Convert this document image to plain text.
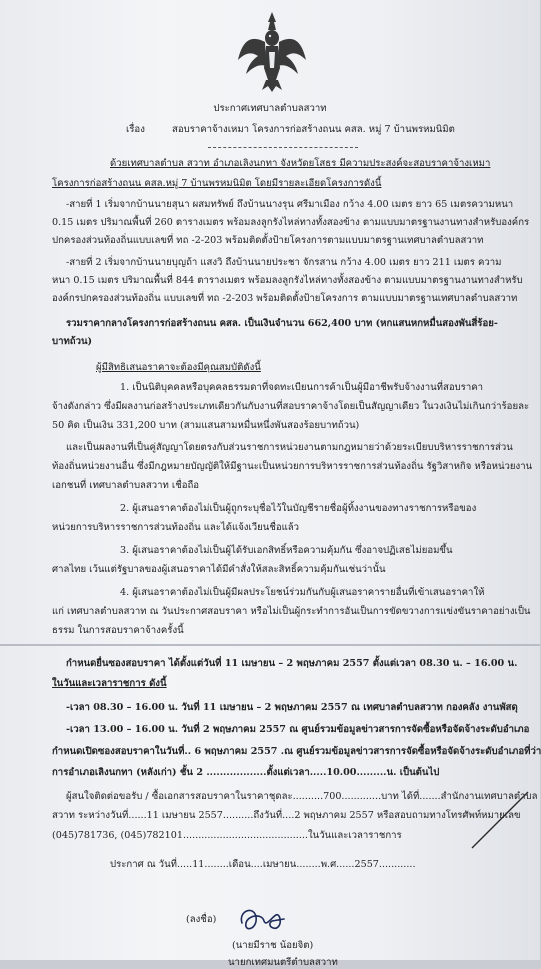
ประกาศเทศบาลตำบลสวาท
เรื่อง	สอบราคาจ้างเหมา โครงการก่อสร้างถนน คสล. หมู่ 7 บ้านพรหมนิมิต
ด้วยเทศบาลตำบล สวาท อำเภอเลิงนกทา จังหวัดยโสธร มีความประสงค์จะสอบราคาจ้างเหมา
โครงการก่อสร้างถนน คสล.หมู่ 7 บ้านพรหมนิมิต โดยมีรายละเอียดโครงการดังนี้
-สายที่ 1 เริ่มจากบ้านนายสุนา ผสมทรัพย์ ถึงบ้านนางรุน ศรีมาเมือง กว้าง 4.00 เมตร ยาว 65 เมตรความหนา
0.15 เมตร ปริมาณพื้นที่ 260 ตารางเมตร พร้อมลงลูกรังไหล่ทางทั้งสองข้าง ตามแบบมาตรฐานงานทางสำหรับองค์กร
ปกครองส่วนท้องถิ่นแบบเลขที่ ทถ -2-203 พร้อมติดตั้งป้ายโครงการตามแบบมาตรฐานเทศบาลตำบลสวาท
-สายที่ 2 เริ่มจากบ้านนายบุญถ้า แสงวิ ถึงบ้านนายประชา จักรสาน กว้าง 4.00 เมตร ยาว 211 เมตร ความ
หนา 0.15 เมตร ปริมาณพื้นที่ 844 ตารางเมตร พร้อมลงลูกรังไหล่ทางทั้งสองข้าง ตามแบบมาตรฐานงานทางสำหรับ
องค์กรปกครองส่วนท้องถิ่น แบบเลขที่ ทถ -2-203 พร้อมติดตั้งป้ายโครงการ ตามแบบมาตรฐานเทศบาลตำบลสวาท
รวมราคากลางโครงการก่อสร้างถนน คสล. เป็นเงินจำนวน 662,400 บาท (หกแสนหกหมื่นสองพันสี่ร้อย-
บาทถ้วน)
ผู้มีสิทธิเสนอราคาจะต้องมีคุณสมบัติดังนี้
1. เป็นนิติบุคคลหรือบุคคลธรรมดาที่จดทะเบียนการค้าเป็นผู้มีอาชีพรับจ้างงานที่สอบราคา
จ้างดังกล่าว ซึ่งมีผลงานก่อสร้างประเภทเดียวกันกับงานที่สอบราคาจ้างโดยเป็นสัญญาเดียว ในวงเงินไม่เกินกว่าร้อยละ
50 คิด เป็นเงิน 331,200 บาท (สามแสนสามหมื่นหนึ่งพันสองร้อยบาทถ้วน)
และเป็นผลงานที่เป็นคู่สัญญาโดยตรงกับส่วนราชการหน่วยงานตามกฎหมายว่าด้วยระเบียบบริหารราชการส่วน
ท้องถิ่นหน่วยงานอื่น ซึ่งมีกฎหมายบัญญัติให้มีฐานะเป็นหน่วยการบริหารราชการส่วนท้องถิ่น รัฐวิสาหกิจ หรือหน่วยงาน
เอกชนที่ เทศบาลตำบลสวาท เชื่อถือ
2. ผู้เสนอราคาต้องไม่เป็นผู้ถูกระบุชื่อไว้ในบัญชีรายชื่อผู้ทิ้งงานของทางราชการหรือของ
หน่วยการบริหารราชการส่วนท้องถิ่น และได้แจ้งเวียนชื่อแล้ว
3. ผู้เสนอราคาต้องไม่เป็นผู้ได้รับเอกสิทธิ์หรือความคุ้มกัน ซึ่งอาจปฏิเสธไม่ยอมขึ้น
ศาลไทย เว้นแต่รัฐบาลของผู้เสนอราคาได้มีคำสั่งให้สละสิทธิ์ความคุ้มกันเช่นว่านั้น
4. ผู้เสนอราคาต้องไม่เป็นผู้มีผลประโยชน์ร่วมกันกับผู้เสนอราคารายอื่นที่เข้าเสนอราคาให้
แก่ เทศบาลตำบลสวาท ณ วันประกาศสอบราคา หรือไม่เป็นผู้กระทำการอันเป็นการขัดขวางการแข่งขันราคาอย่างเป็น
ธรรม ในการสอบราคาจ้างครั้งนี้
กำหนดยื่นซองสอบราคา ได้ตั้งแต่วันที่ 11 เมษายน – 2 พฤษภาคม 2557 ตั้งแต่เวลา 08.30 น. – 16.00 น.
ในวันและเวลาราชการ ดังนี้
-เวลา 08.30 – 16.00 น. วันที่ 11 เมษายน – 2 พฤษภาคม 2557 ณ เทศบาลตำบลสวาท กองคลัง งานพัสดุ
-เวลา 13.00 – 16.00 น. วันที่ 2 พฤษภาคม 2557 ณ ศูนย์รวมข้อมูลข่าวสารการจัดซื้อหรือจัดจ้างระดับอำเภอ
กำหนดเปิดซองสอบราคาในวันที่.. 6 พฤษภาคม 2557 .ณ ศูนย์รวมข้อมูลข่าวสารการจัดซื้อหรือจัดจ้างระดับอำเภอที่ว่า
การอำเภอเลิงนกทา (หลังเก่า) ชั้น 2 ..................ตั้งแต่เวลา.....10.00.........น. เป็นต้นไป
ผู้สนใจติดต่อขอรับ / ซื้อเอกสารสอบราคาในราคาชุดละ..........700.............บาท ได้ที่.......สำนักงานเทศบาลตำบล
สวาท ระหว่างวันที่......11 เมษายน 2557..........ถึงวันที่....2 พฤษภาคม 2557 หรือสอบถามทางโทรศัพท์หมายเลข
(045)781736, (045)782101.........................................ในวันและเวลาราชการ
ประกาศ ณ วันที่.....11........เดือน....เมษายน........พ.ศ......2557............
(ลงชื่อ)
(นายมีราช น้อยจิต)
นายกเทศมนตรีตำบลสวาท
